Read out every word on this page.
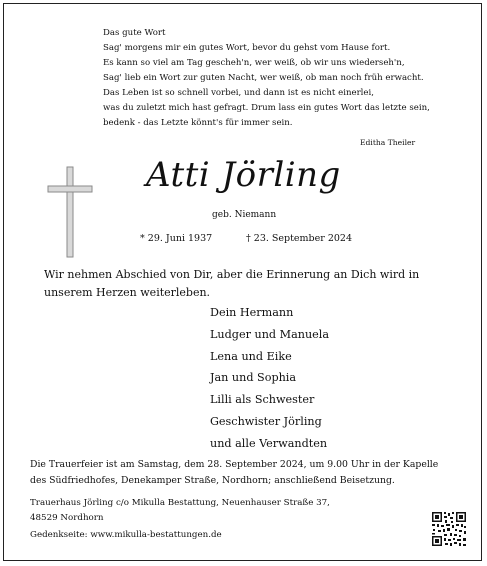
Das gute Wort
Sag' morgens mir ein gutes Wort, bevor du gehst vom Hause fort.
Es kann so viel am Tag gescheh'n, wer weiß, ob wir uns wiederseh'n,
Sag' lieb ein Wort zur guten Nacht, wer weiß, ob man noch früh erwacht.
Das Leben ist so schnell vorbei, und dann ist es nicht einerlei,
was du zuletzt mich hast gefragt. Drum lass ein gutes Wort das letzte sein,
bedenk - das Letzte könnt's für immer sein.
Editha Theiler
Atti Jörling
geb. Niemann
* 29. Juni 1937	† 23. September 2024
Wir nehmen Abschied von Dir, aber die Erinnerung an Dich wird in unserem Herzen weiterleben.
Dein Hermann
Ludger und Manuela
Lena und Eike
Jan und Sophia
Lilli als Schwester
Geschwister Jörling
und alle Verwandten
Die Trauerfeier ist am Samstag, dem 28. September 2024, um 9.00 Uhr in der Kapelle
des Südfriedhofes, Denekamper Straße, Nordhorn; anschließend Beisetzung.
Trauerhaus Jörling c/o Mikulla Bestattung, Neuenhauser Straße 37,
48529 Nordhorn
Gedenkseite: www.mikulla-bestattungen.de
